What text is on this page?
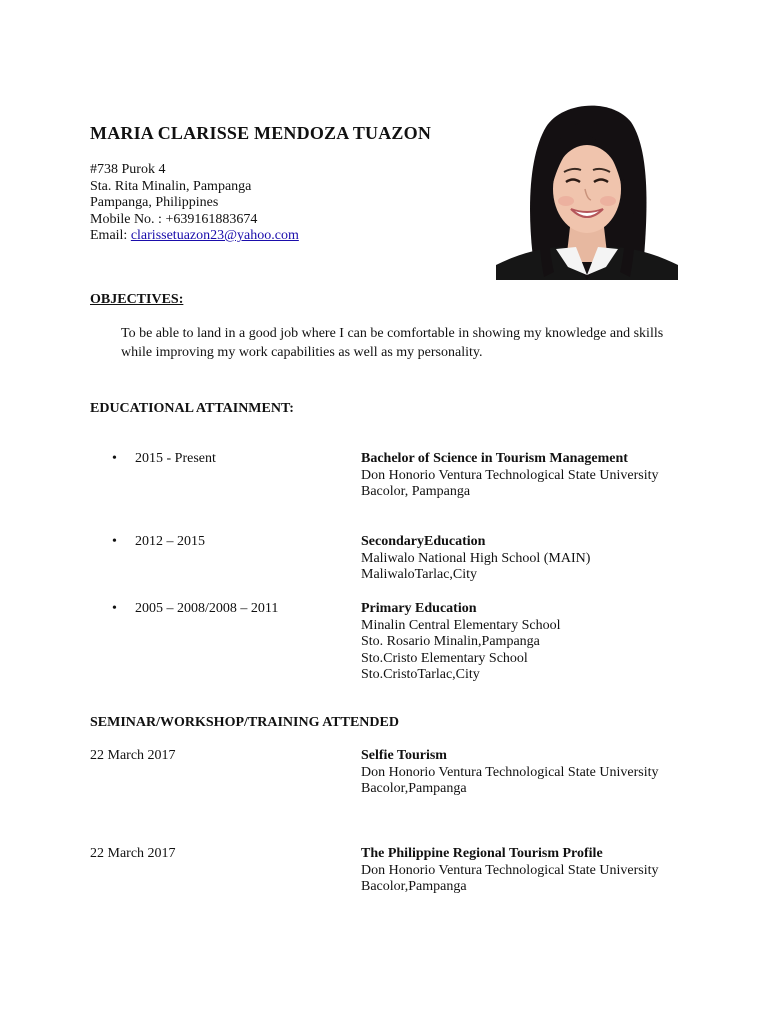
MARIA CLARISSE MENDOZA TUAZON
#738 Purok 4
Sta. Rita Minalin, Pampanga
Pampanga, Philippines
Mobile No. : +639161883674
Email: clarissetuazon23@yahoo.com
OBJECTIVES:

To be able to land in a good job where I can be comfortable in showing my knowledge and skills while improving my work capabilities as well as my personality.

EDUCATIONAL ATTAINMENT:
• 2015 - Present	Bachelor of Science in Tourism Management
Don Honorio Ventura Technological State University
Bacolor, Pampanga
• 2012 – 2015	SecondaryEducation
Maliwalo National High School (MAIN)
MaliwaloTarlac,City
• 2005 – 2008/2008 – 2011	Primary Education
Minalin Central Elementary School
Sto. Rosario Minalin,Pampanga
Sto.Cristo Elementary School
Sto.CristoTarlac,City
SEMINAR/WORKSHOP/TRAINING ATTENDED
22 March 2017	Selfie Tourism
Don Honorio Ventura Technological State University
Bacolor,Pampanga
22 March 2017	The Philippine Regional Tourism Profile
Don Honorio Ventura Technological State University
Bacolor,Pampanga
